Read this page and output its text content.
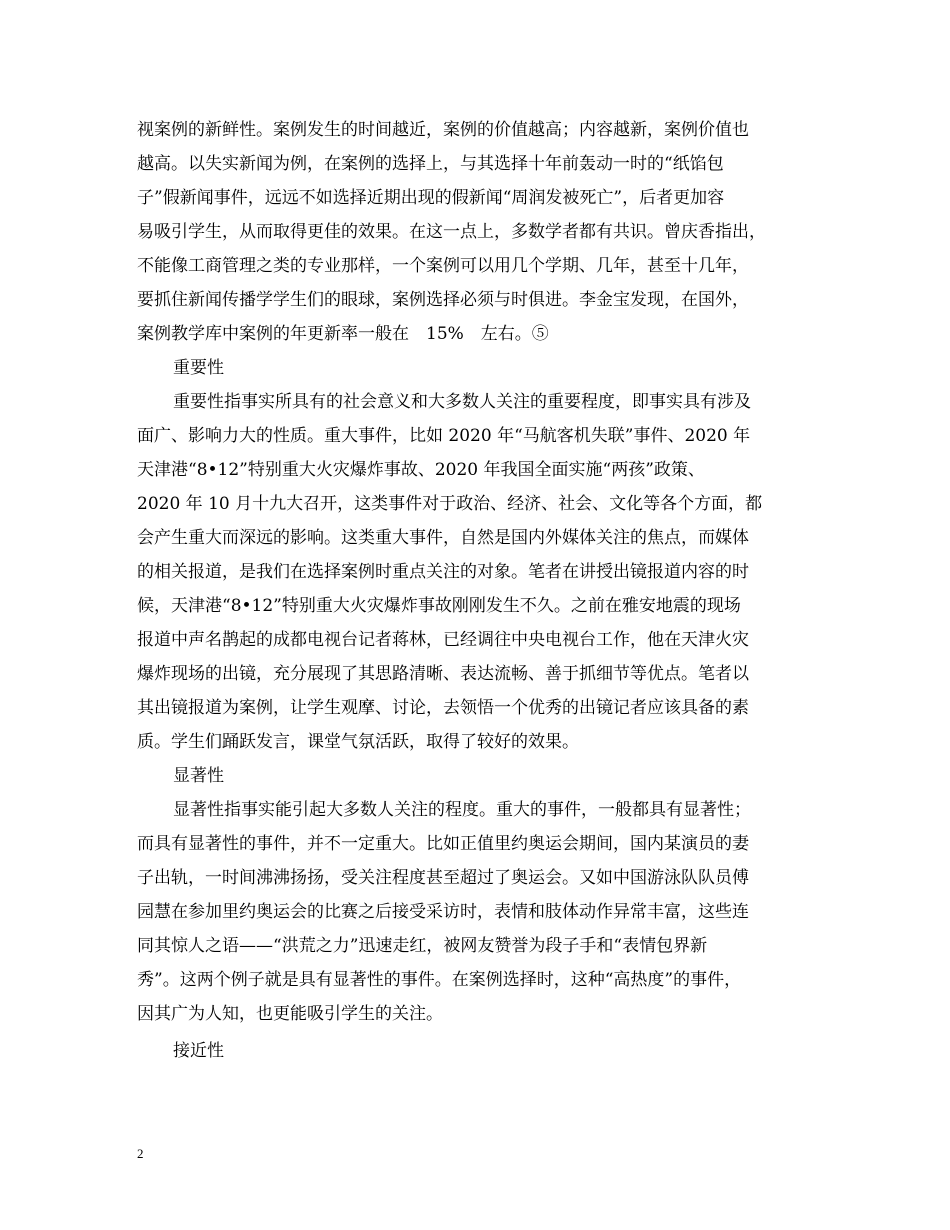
视案例的新鲜性。案例发生的时间越近，案例的价值越高；内容越新，案例价值也
越高。以失实新闻为例，在案例的选择上，与其选择十年前轰动一时的“纸馅包
子”假新闻事件，远远不如选择近期出现的假新闻“周润发被死亡”，后者更加容
易吸引学生，从而取得更佳的效果。在这一点上，多数学者都有共识。曾庆香指出，
不能像工商管理之类的专业那样，一个案例可以用几个学期、几年，甚至十几年，
要抓住新闻传播学学生们的眼球，案例选择必须与时俱进。李金宝发现，在国外，
案例教学库中案例的年更新率一般在　15%　左右。⑤
重要性
重要性指事实所具有的社会意义和大多数人关注的重要程度，即事实具有涉及
面广、影响力大的性质。重大事件，比如 2020 年“马航客机失联”事件、2020 年
天津港“8•12”特别重大火灾爆炸事故、2020 年我国全面实施“两孩”政策、
2020 年 10 月十九大召开，这类事件对于政治、经济、社会、文化等各个方面，都
会产生重大而深远的影响。这类重大事件，自然是国内外媒体关注的焦点，而媒体
的相关报道，是我们在选择案例时重点关注的对象。笔者在讲授出镜报道内容的时
候，天津港“8•12”特别重大火灾爆炸事故刚刚发生不久。之前在雅安地震的现场
报道中声名鹊起的成都电视台记者蒋林，已经调往中央电视台工作，他在天津火灾
爆炸现场的出镜，充分展现了其思路清晰、表达流畅、善于抓细节等优点。笔者以
其出镜报道为案例，让学生观摩、讨论，去领悟一个优秀的出镜记者应该具备的素
质。学生们踊跃发言，课堂气氛活跃，取得了较好的效果。
显著性
显著性指事实能引起大多数人关注的程度。重大的事件，一般都具有显著性；
而具有显著性的事件，并不一定重大。比如正值里约奥运会期间，国内某演员的妻
子出轨，一时间沸沸扬扬，受关注程度甚至超过了奥运会。又如中国游泳队队员傅
园慧在参加里约奥运会的比赛之后接受采访时，表情和肢体动作异常丰富，这些连
同其惊人之语——“洪荒之力”迅速走红，被网友赞誉为段子手和“表情包界新
秀”。这两个例子就是具有显著性的事件。在案例选择时，这种“高热度”的事件，
因其广为人知，也更能吸引学生的关注。
接近性
2
